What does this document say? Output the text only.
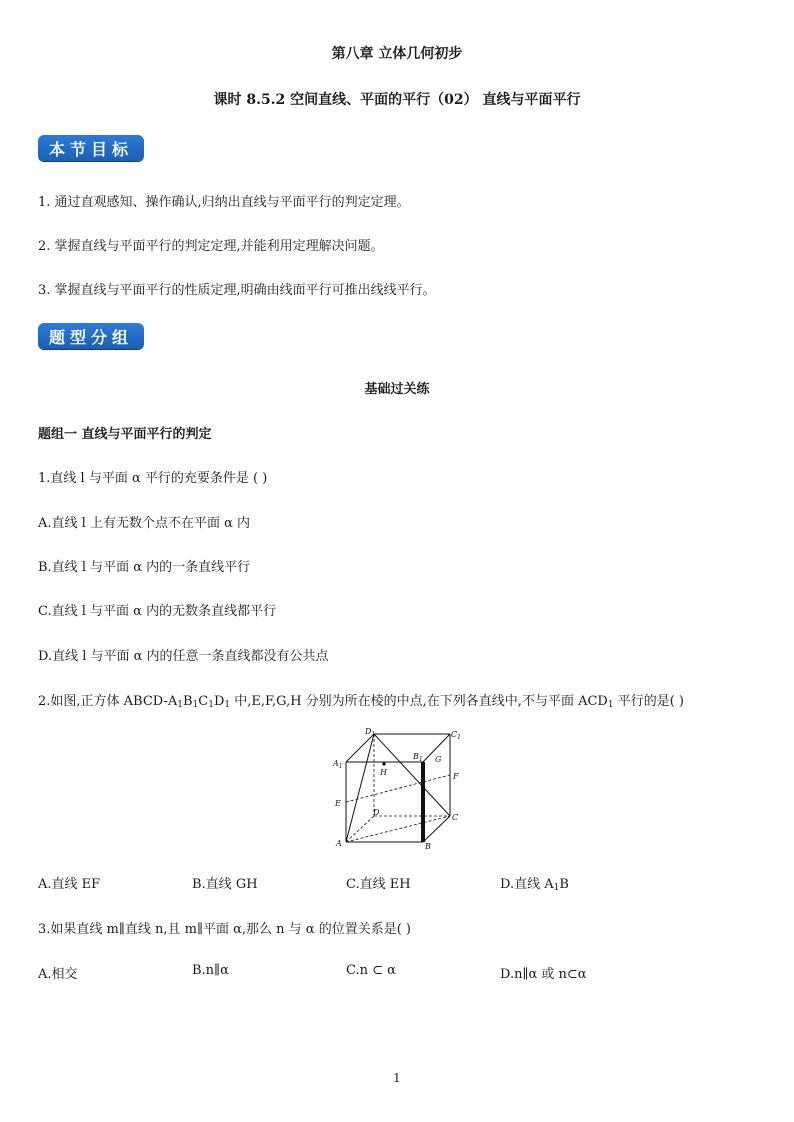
第八章 立体几何初步
课时 8.5.2 空间直线、平面的平行（02） 直线与平面平行
本节目标
1. 通过直观感知、操作确认,归纳出直线与平面平行的判定定理。
2. 掌握直线与平面平行的判定定理,并能利用定理解决问题。
3. 掌握直线与平面平行的性质定理,明确由线面平行可推出线线平行。
题型分组
基础过关练
题组一 直线与平面平行的判定
1.直线 l 与平面 α 平行的充要条件是 ( )
A.直线 l 上有无数个点不在平面 α 内
B.直线 l 与平面 α 内的一条直线平行
C.直线 l 与平面 α 内的无数条直线都平行
D.直线 l 与平面 α 内的任意一条直线都没有公共点
2.如图,正方体 ABCD-$A_1B_1C_1D_1$ 中,E,F,G,H 分别为所在棱的中点,在下列各直线中,不与平面 $ACD_1$ 平行的是( )
$D_1$	$C_1$
$A_1$
$B_1$ G
H	F
E
D
C
A	B
A.直线 EF	B.直线 GH	C.直线 EH	D.直线 $A_1B$
3.如果直线 m∥直线 n,且 m∥平面 α,那么 n 与 α 的位置关系是( )
A.相交	B.n∥α	C.n ⊂ α	D.n∥α 或 n⊂α
1
